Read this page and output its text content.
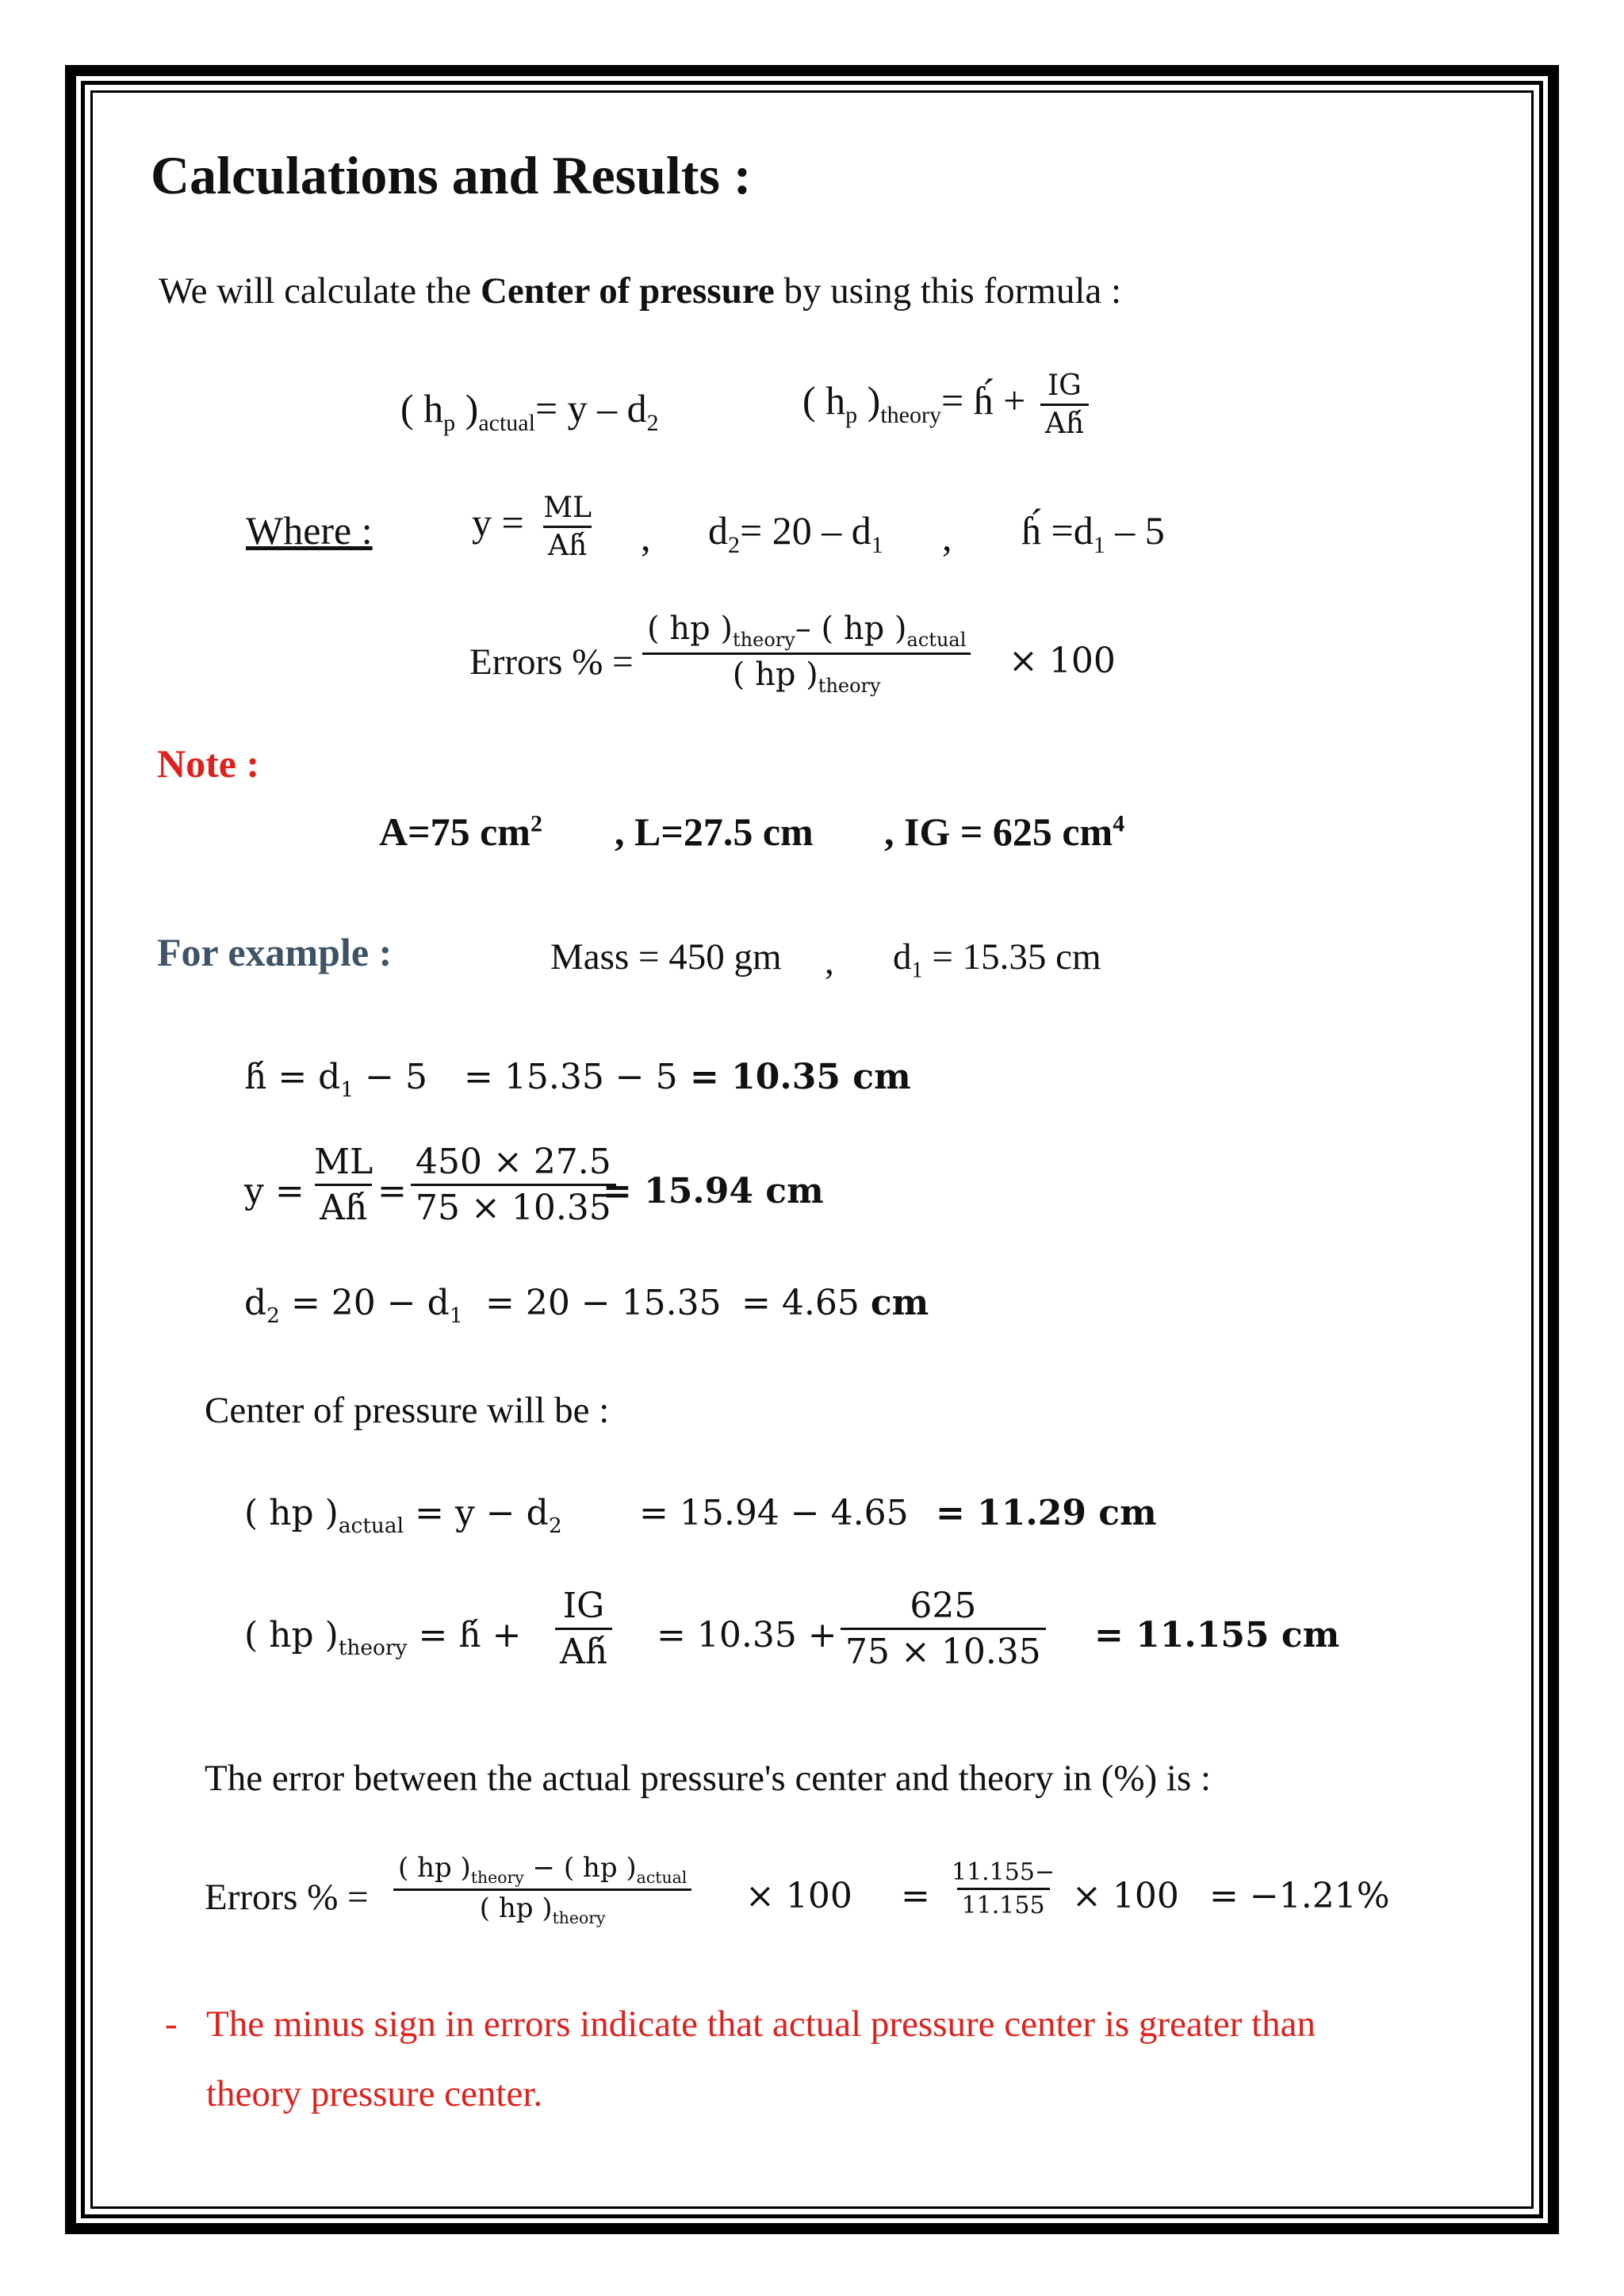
Calculations and Results :
We will calculate the Center of pressure by using this formula :
( $h_p$ )$_{actual}= y - d_2$
( $h_p$ )$_{theory}=$ ɦ́ + $\frac{IG}{\text{Aɦ́}}$
Where :	$y = \frac{ML}{\text{Aɦ́}}$ , $d_2= 20 - d_1$ , ɦ́ $=d_1 - 5$
Errors % = $\frac{( hp )_{theory}- ( hp )_{actual}}{( hp )_{theory}} \times 100$
Note :
A=75 $cm^2$ , L=27.5 cm , IG = 625 $cm^4$
For example :	Mass = 450 gm , $d_1 = 15.35$ cm
ɦ́ = $d_1 - 5 = 15.35 - 5 = 10.35$ cm
$y = \frac{ML}{\text{Aɦ́}} = \frac{450 \times 27.5}{75 \times 10.35}$
= 15.94 cm
$d_2 = 20 - d_1 = 20 - 15.35 = 4.65$ cm
Center of pressure will be :
( hp )$_{actual} = y - d_2 = 15.94 - 4.65 = 11.29$ cm
( hp )$_{theory}$ = ɦ́ + $\frac{IG}{\text{Aɦ́}} = 10.35 + \frac{625}{75 \times 10.35} = 11.155$ cm
The error between the actual pressure's center and theory in (%) is :
Errors % = $\frac{( hp )_{theory} - ( hp )_{actual}}{( hp )_{theory}} \times 100 = \frac{11.155-}{11.155} \times 100 = -1.21\%$
- The minus sign in errors indicate that actual pressure center is greater than
theory pressure center.
